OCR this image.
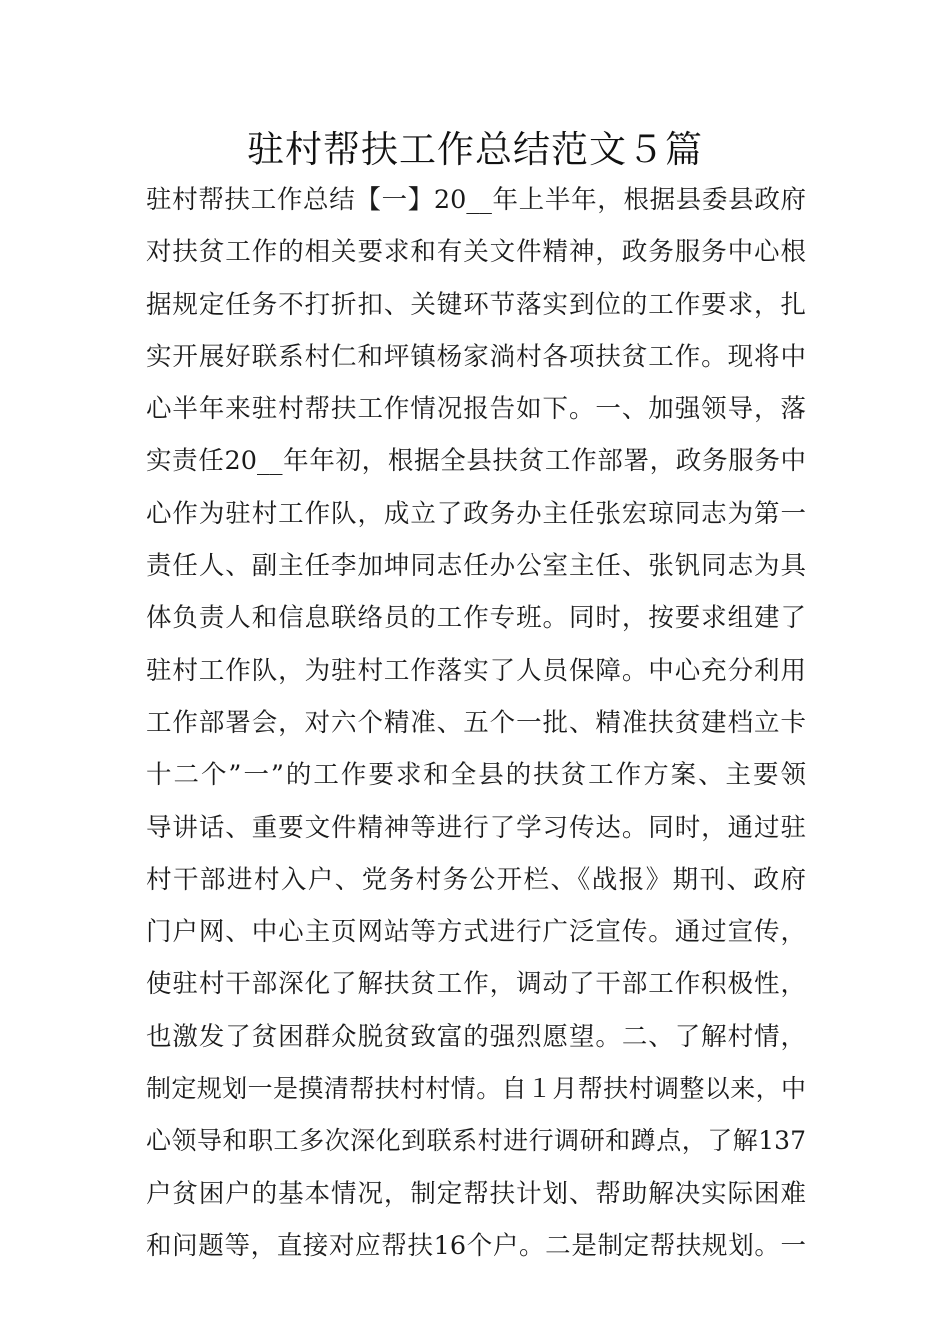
驻村帮扶工作总结范文５篇
驻村帮扶工作总结【一】20__年上半年，根据县委县政府
对扶贫工作的相关要求和有关文件精神，政务服务中心根
据规定任务不打折扣、关键环节落实到位的工作要求，扎
实开展好联系村仁和坪镇杨家淌村各项扶贫工作。现将中
心半年来驻村帮扶工作情况报告如下。一、加强领导，落
实责任20__年年初，根据全县扶贫工作部署，政务服务中
心作为驻村工作队，成立了政务办主任张宏琼同志为第一
责任人、副主任李加坤同志任办公室主任、张钒同志为具
体负责人和信息联络员的工作专班。同时，按要求组建了
驻村工作队，为驻村工作落实了人员保障。中心充分利用
工作部署会，对六个精准、五个一批、精准扶贫建档立卡
十二个”一”的工作要求和全县的扶贫工作方案、主要领
导讲话、重要文件精神等进行了学习传达。同时，通过驻
村干部进村入户、党务村务公开栏、《战报》期刊、政府
门户网、中心主页网站等方式进行广泛宣传。通过宣传，
使驻村干部深化了解扶贫工作，调动了干部工作积极性，
也激发了贫困群众脱贫致富的强烈愿望。二、了解村情，
制定规划一是摸清帮扶村村情。自１月帮扶村调整以来，中
心领导和职工多次深化到联系村进行调研和蹲点，了解137
户贫困户的基本情况，制定帮扶计划、帮助解决实际困难
和问题等，直接对应帮扶16个户。二是制定帮扶规划。一
